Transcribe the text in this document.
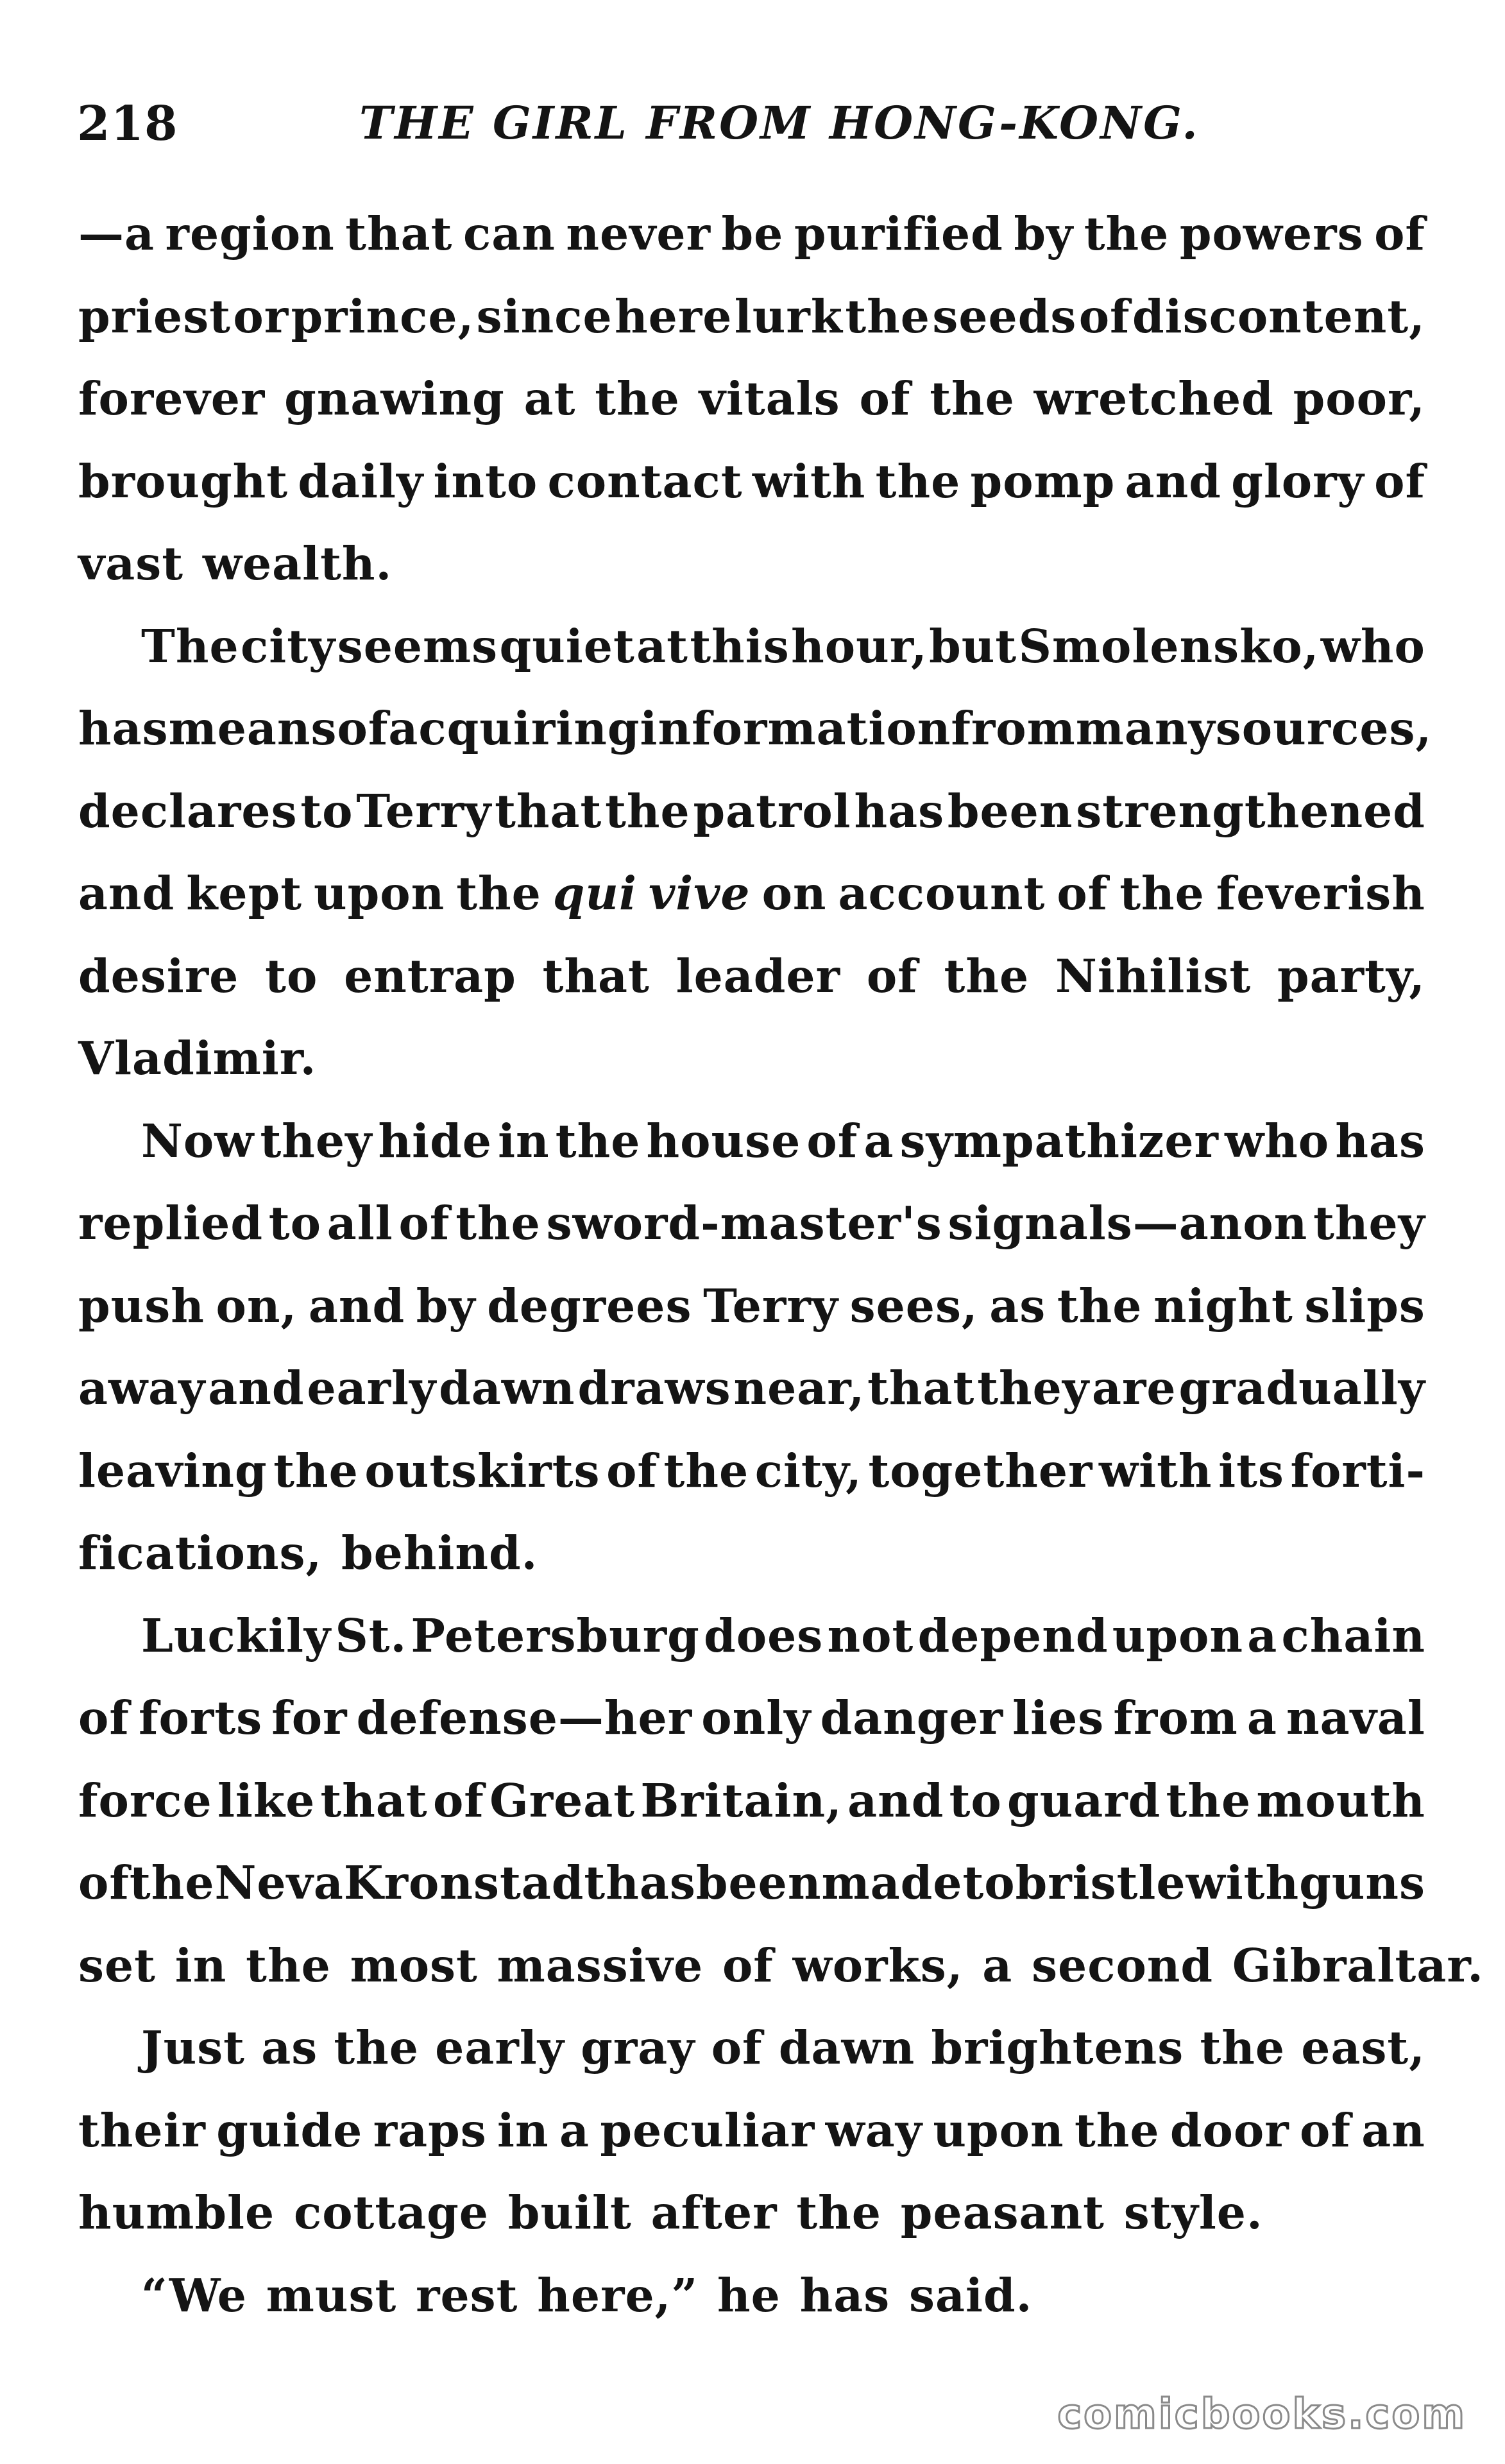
218	THE GIRL FROM HONG-KONG.
—a region that can never be purified by the powers of
priest or prince, since here lurk the seeds of discontent,
forever gnawing at the vitals of the wretched poor,
brought daily into contact with the pomp and glory of
vast wealth.
The city seems quiet at this hour, but Smolensko, who
has means of acquiring information from many sources,
declares to Terry that the patrol has been strengthened
and kept upon the qui vive on account of the feverish
desire to entrap that leader of the Nihilist party,
Vladimir.
Now they hide in the house of a sympathizer who has
replied to all of the sword-master's signals—anon they
push on, and by degrees Terry sees, as the night slips
away and early dawn draws near, that they are gradually
leaving the outskirts of the city, together with its forti-
fications, behind.
Luckily St. Petersburg does not depend upon a chain
of forts for defense—her only danger lies from a naval
force like that of Great Britain, and to guard the mouth
of the Neva Kronstadt has been made to bristle with guns
set in the most massive of works, a second Gibraltar.
Just as the early gray of dawn brightens the east,
their guide raps in a peculiar way upon the door of an
humble cottage built after the peasant style.
“We must rest here,” he has said.
comicbooks.com
